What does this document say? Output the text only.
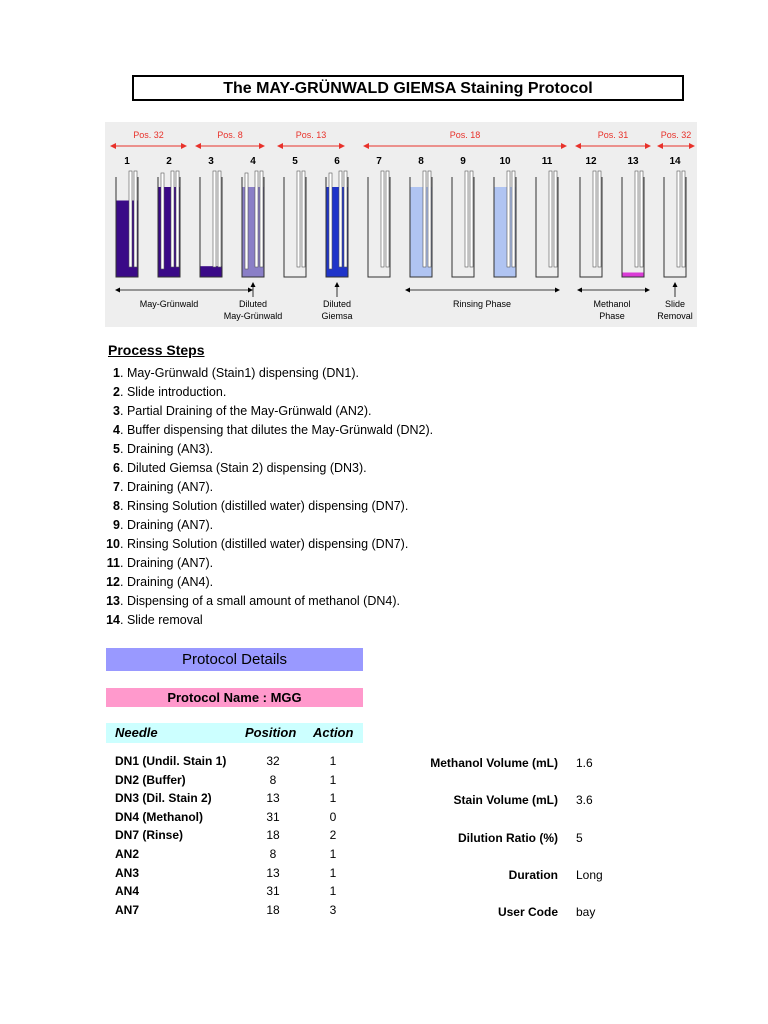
The MAY-GRÜNWALD GIEMSA Staining Protocol
Pos. 32	Pos. 8	Pos. 13	Pos. 18	Pos. 31	Pos. 32
1	2	3	4	5	6	7	8	9	10	11	12	13	14
May-Grünwald	Diluted
May-Grünwald
Diluted
Giemsa
Rinsing Phase	Methanol
Phase
Slide
Removal
Process Steps
1. May-Grünwald (Stain1) dispensing (DN1).
2. Slide introduction.
3. Partial Draining of the May-Grünwald (AN2).
4. Buffer dispensing that dilutes the May-Grünwald (DN2).
5. Draining (AN3).
6. Diluted Giemsa (Stain 2) dispensing (DN3).
7. Draining (AN7).
8. Rinsing Solution (distilled water) dispensing (DN7).
9. Draining (AN7).
10. Rinsing Solution (distilled water) dispensing (DN7).
11. Draining (AN7).
12. Draining (AN4).
13. Dispensing of a small amount of methanol (DN4).
14. Slide removal
Protocol Details
Protocol Name : MGG
Needle	Position Action
DN1 (Undil. Stain 1)	32	1
DN2 (Buffer)	8	1
DN3 (Dil. Stain 2)	13	1
DN4 (Methanol)	31	0
DN7 (Rinse)	18	2
AN2	8	1
AN3	13	1
AN4	31	1
AN7	18	3
Methanol Volume (mL) 1.6
Stain Volume (mL) 3.6
Dilution Ratio (%) 5
Duration Long
User Code bay
